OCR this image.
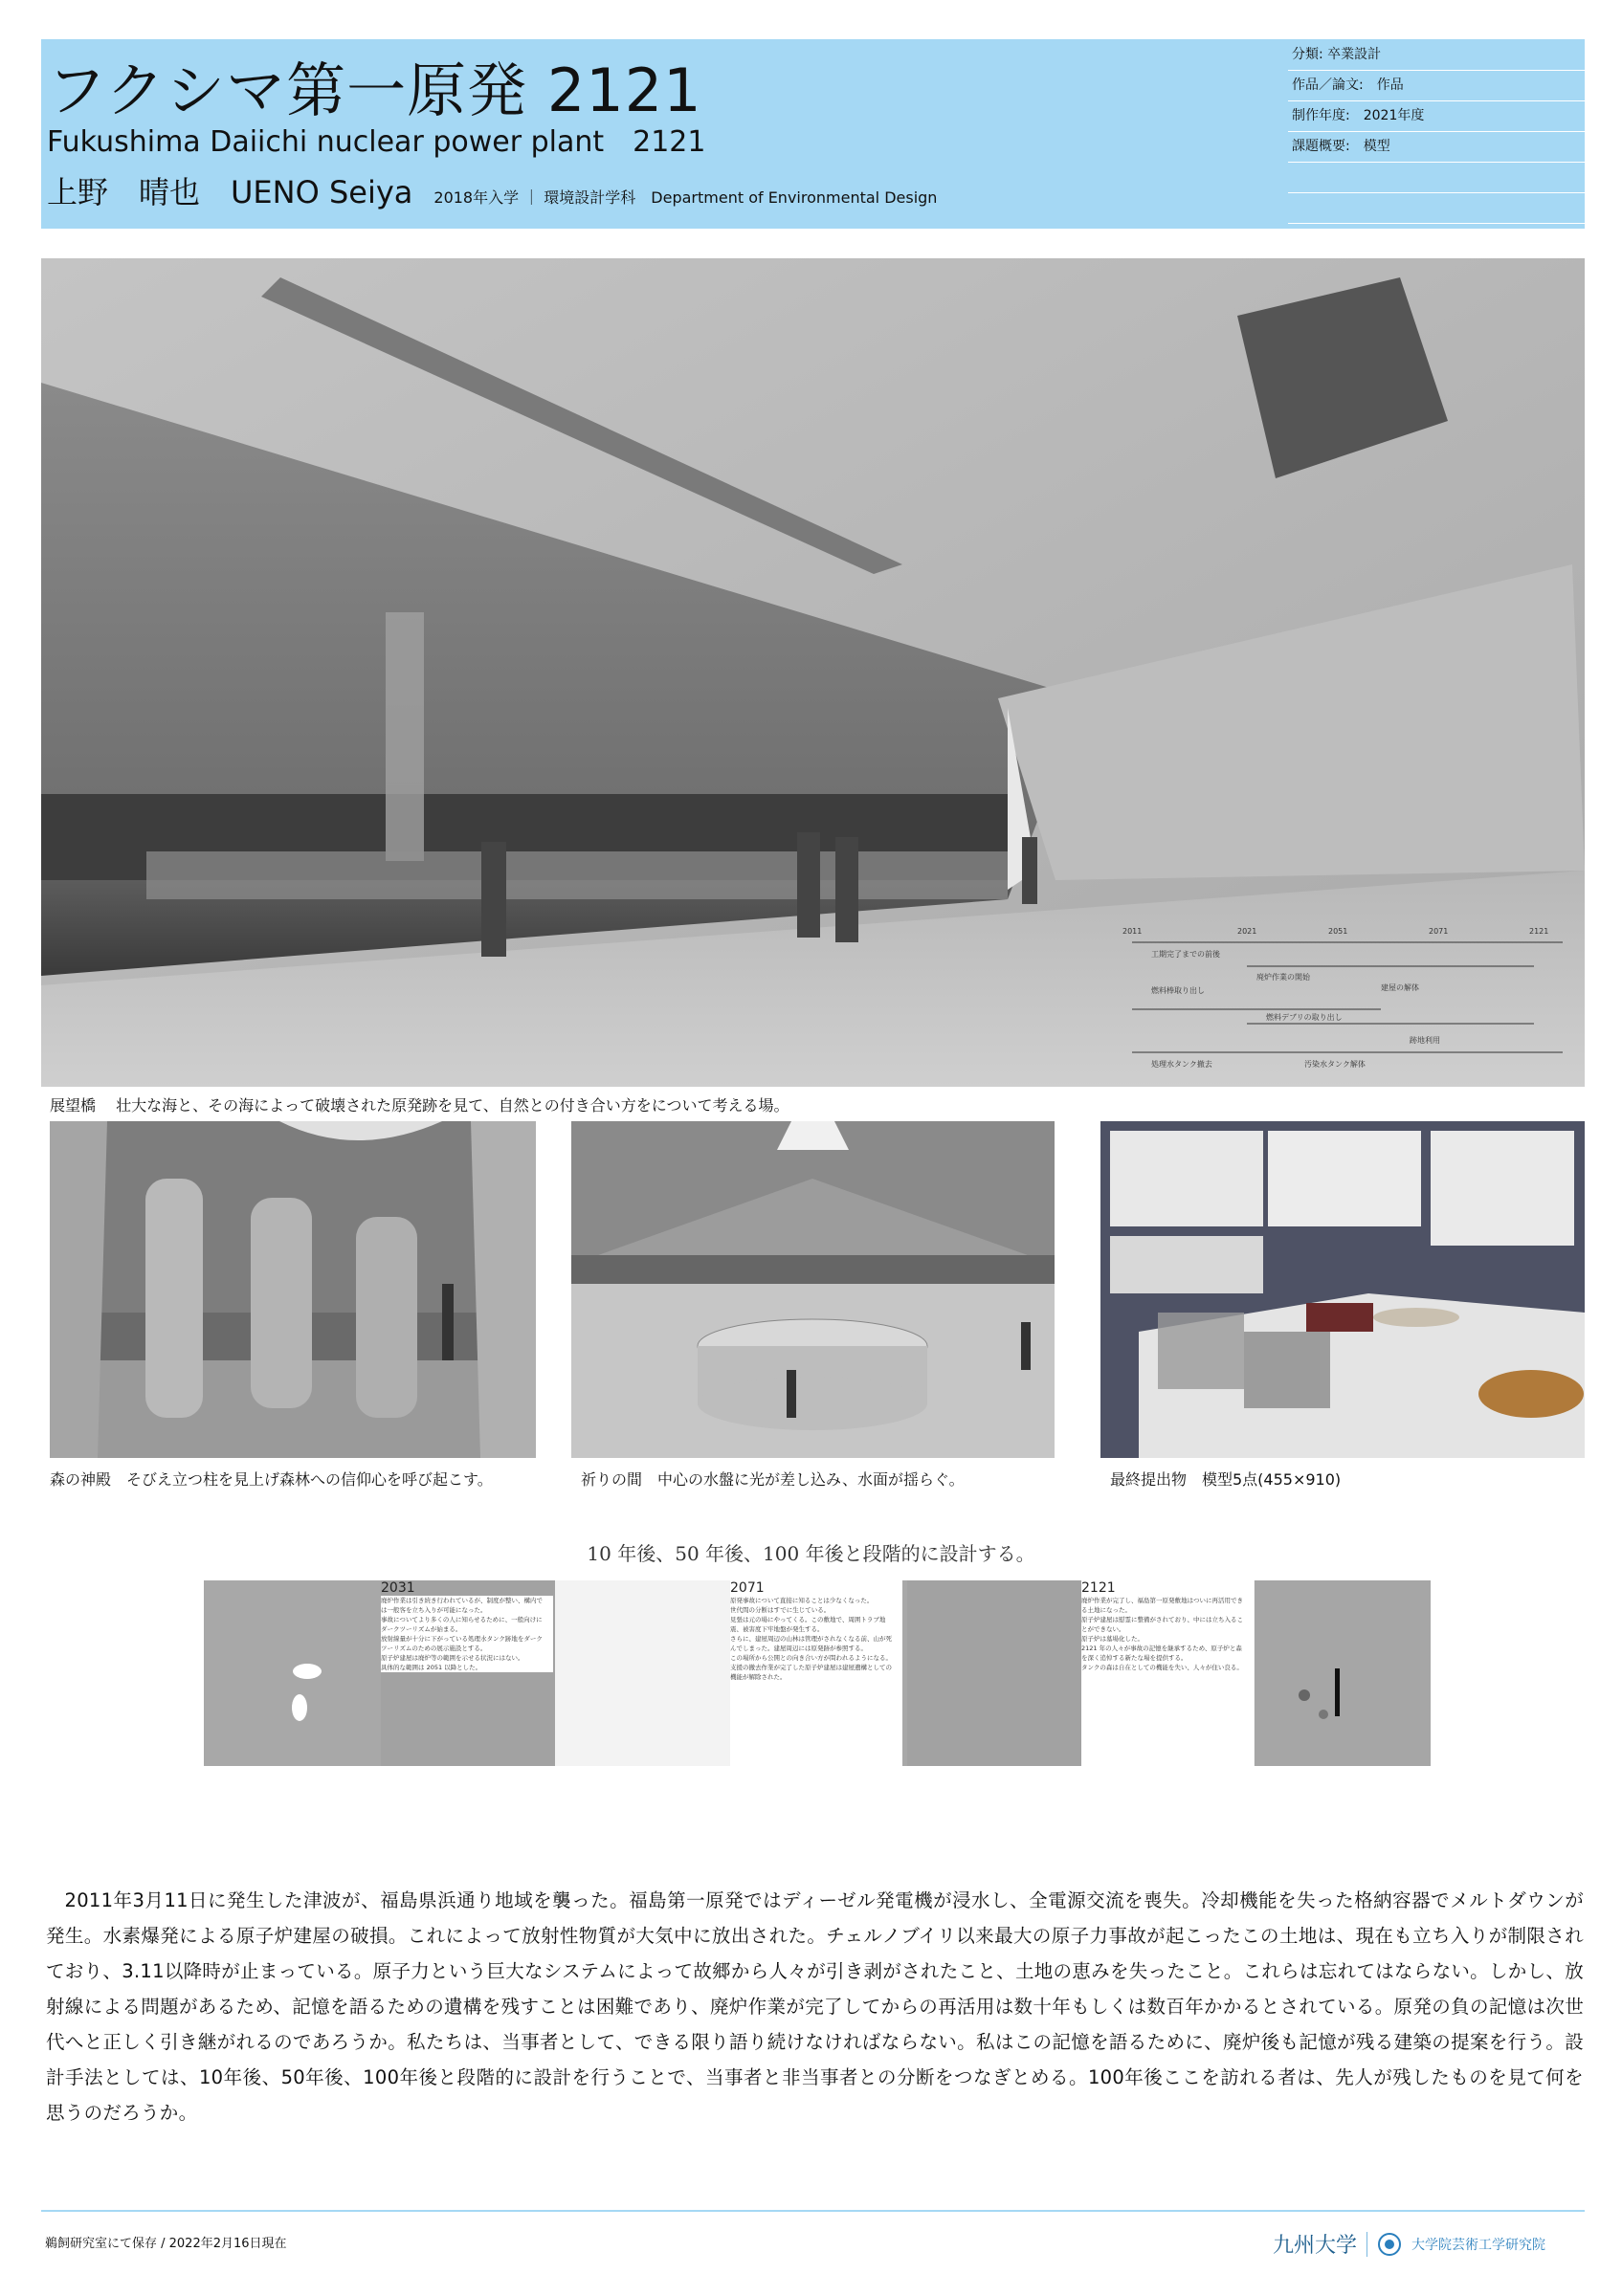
フクシマ第一原発 2121
Fukushima Daiichi nuclear power plant　2121
上野　晴也　UENO Seiya 2018年入学 ｜ 環境設計学科　Department of Environmental Design
分類: 卒業設計
作品／論文:　作品
制作年度:　2021年度
課題概要:　模型
2011	2021	2051	2071	2121
工期完了までの前後
燃料棒取り出し
廃炉作業の開始
燃料デブリの取り出し
処理水タンク撤去	汚染水タンク解体
建屋の解体
跡地利用
展望橋　 壮大な海と、その海によって破壊された原発跡を見て、自然との付き合い方をについて考える場。
森の神殿　そびえ立つ柱を見上げ森林への信仰心を呼び起こす。	祈りの間　中心の水盤に光が差し込み、水面が揺らぐ。	最終提出物　模型5点(455×910)
10 年後、50 年後、100 年後と段階的に設計する。
2031
廃炉作業は引き続き行われているが、制度が整い、構内では一般客を立ち入りが可能になった。
事故についてより多くの人に知らせるために、一般向けにダークツーリズムが始まる。
放射線量が十分に下がっている処理水タンク跡地をダークツーリズムのための展示施設とする。
原子炉建屋は廃炉等の範囲を示せる状況にはない。
具体的な範囲は 2051 以降とした。
2071
原発事故について直接に知ることは少なくなった。
世代間の分断はすでに生じている。
見張は元の場にやってくる。この敷地で、周囲トラブ地震、被害度下牢地盤が発生する。
さらに、建屋周辺の山林は管理がされなくなる前、山が死んでしまった。建屋周辺には原発跡が参照する。
この場所から公開との向き合い方が問われるようになる。
支援の撤去作業が完了した原子炉建屋は建屋遺構としての機能が解除された。
2121
廃炉作業が完了し、福島第一原発敷地はついに再活用できる土地になった。
原子炉建屋は慰霊に整備がされており、中には立ち入ることができない。
原子炉は墓場化した。
2121 年の人々が事故の記憶を継承するため、原子炉と森を深く追悼する新たな場を提供する。
タンクの森は自在としての機能を失い、人々が住い良る。
2011年3月11日に発生した津波が、福島県浜通り地域を襲った。福島第一原発ではディーゼル発電機が浸水し、全電源交流を喪失。冷却機能を失った格納容器でメルトダウンが発生。水素爆発による原子炉建屋の破損。これによって放射性物質が大気中に放出された。チェルノブイリ以来最大の原子力事故が起こったこの土地は、現在も立ち入りが制限されており、3.11以降時が止まっている。原子力という巨大なシステムによって故郷から人々が引き剥がされたこと、土地の恵みを失ったこと。これらは忘れてはならない。しかし、放射線による問題があるため、記憶を語るための遺構を残すことは困難であり、廃炉作業が完了してからの再活用は数十年もしくは数百年かかるとされている。原発の負の記憶は次世代へと正しく引き継がれるのであろうか。私たちは、当事者として、できる限り語り続けなければならない。私はこの記憶を語るために、廃炉後も記憶が残る建築の提案を行う。設計手法としては、10年後、50年後、100年後と段階的に設計を行うことで、当事者と非当事者との分断をつなぎとめる。100年後ここを訪れる者は、先人が残したものを見て何を思うのだろうか。
鵜飼研究室にて保存 / 2022年2月16日現在	九州大学	大学院芸術工学研究院
